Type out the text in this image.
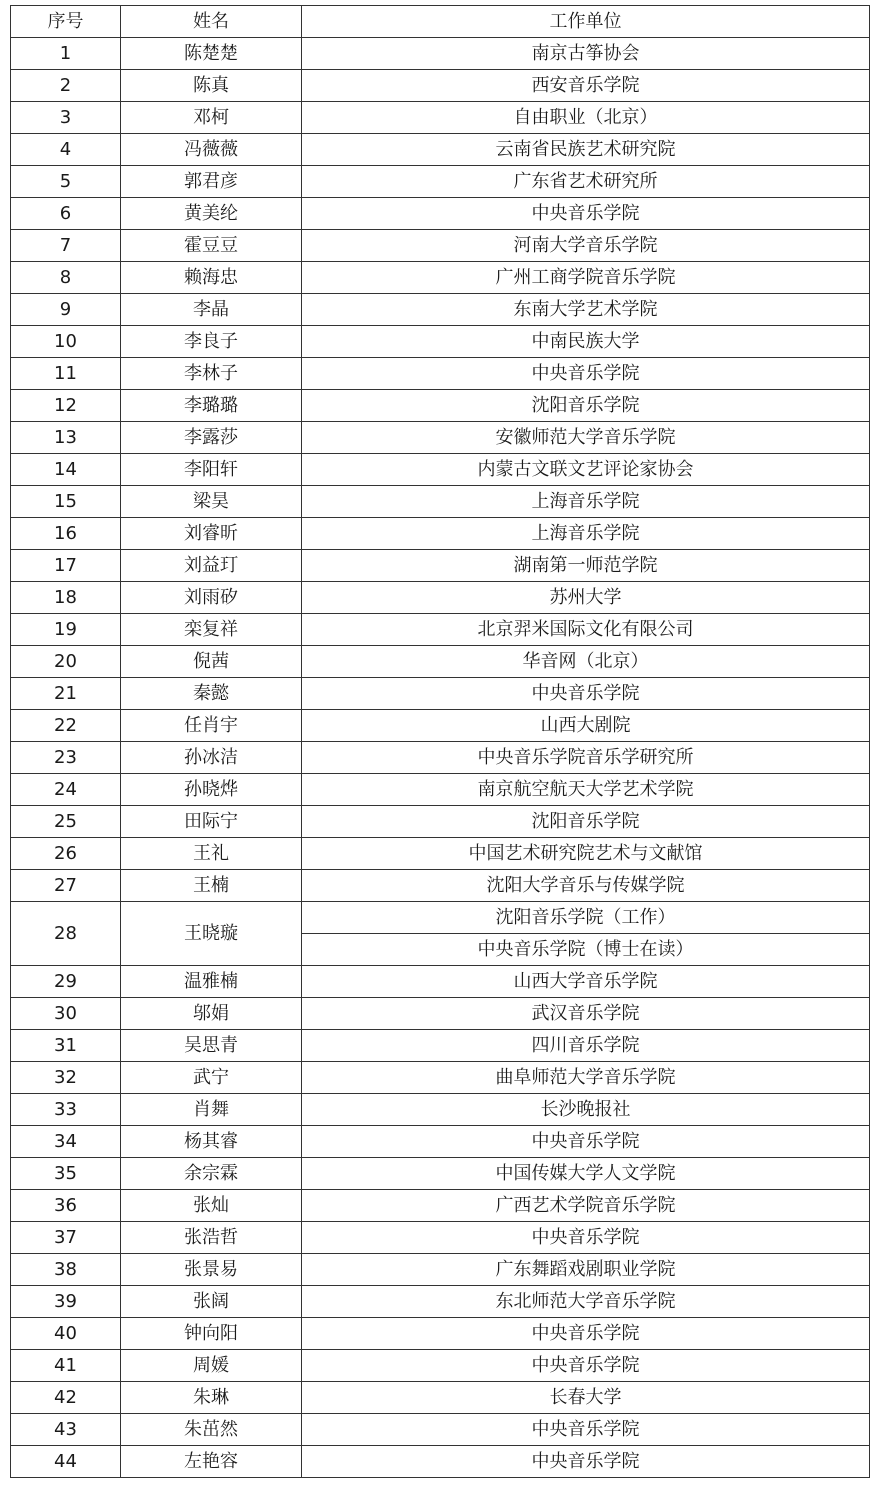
序号	姓名	工作单位
1	陈楚楚	南京古筝协会
2	陈真	西安音乐学院
3	邓柯	自由职业（北京）
4	冯薇薇	云南省民族艺术研究院
5	郭君彦	广东省艺术研究所
6	黄美纶	中央音乐学院
7	霍豆豆	河南大学音乐学院
8	赖海忠	广州工商学院音乐学院
9	李晶	东南大学艺术学院
10	李良子	中南民族大学
11	李林子	中央音乐学院
12	李璐璐	沈阳音乐学院
13	李露莎	安徽师范大学音乐学院
14	李阳轩	内蒙古文联文艺评论家协会
15	梁昊	上海音乐学院
16	刘睿昕	上海音乐学院
17	刘益玎	湖南第一师范学院
18	刘雨矽	苏州大学
19	栾复祥	北京羿米国际文化有限公司
20	倪茜	华音网（北京）
21	秦懿	中央音乐学院
22	任肖宇	山西大剧院
23	孙冰洁	中央音乐学院音乐学研究所
24	孙晓烨	南京航空航天大学艺术学院
25	田际宁	沈阳音乐学院
26	王礼	中国艺术研究院艺术与文献馆
27	王楠	沈阳大学音乐与传媒学院
28	王晓璇	沈阳音乐学院（工作）
		中央音乐学院（博士在读）
29	温雅楠	山西大学音乐学院
30	邬娟	武汉音乐学院
31	吴思青	四川音乐学院
32	武宁	曲阜师范大学音乐学院
33	肖舞	长沙晚报社
34	杨其睿	中央音乐学院
35	余宗霖	中国传媒大学人文学院
36	张灿	广西艺术学院音乐学院
37	张浩哲	中央音乐学院
38	张景易	广东舞蹈戏剧职业学院
39	张阔	东北师范大学音乐学院
40	钟向阳	中央音乐学院
41	周媛	中央音乐学院
42	朱琳	长春大学
43	朱茁然	中央音乐学院
44	左艳容	中央音乐学院
